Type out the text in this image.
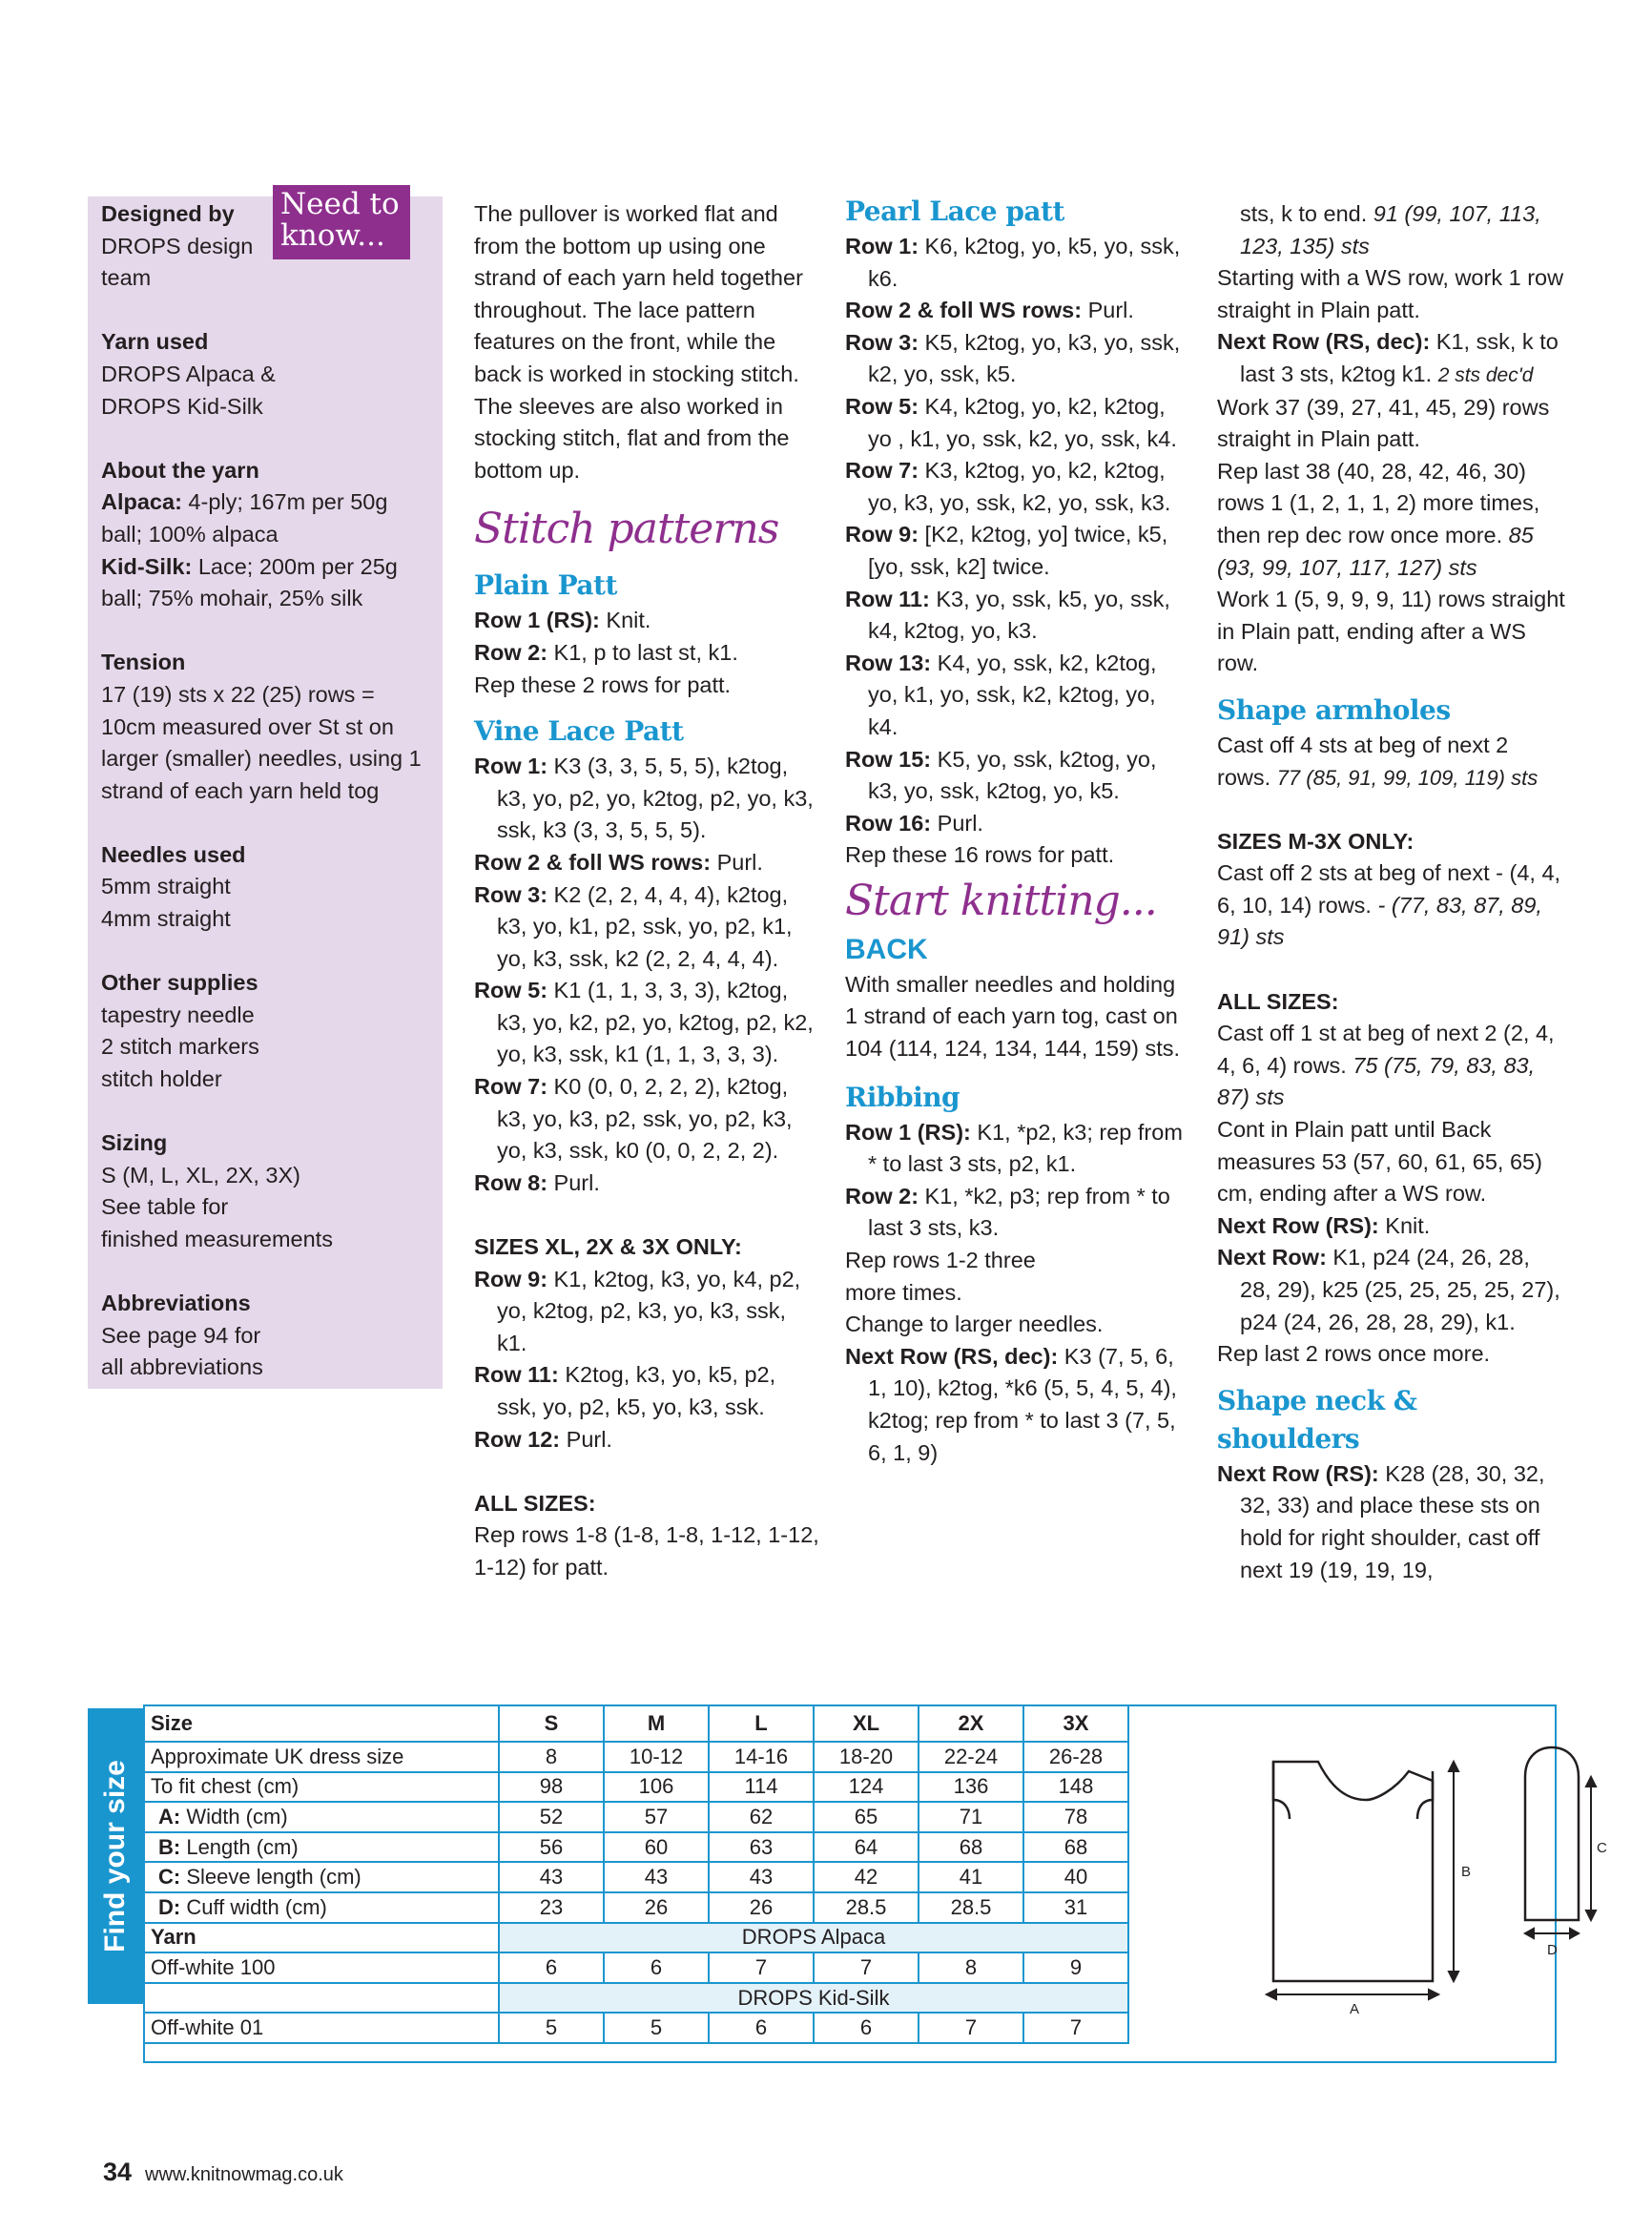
Need to know...

Designed by

DROPS design team

Yarn used

DROPS Alpaca &

DROPS Kid-Silk

About the yarn

Alpaca: 4-ply; 167m per 50g ball; 100% alpaca

Kid-Silk: Lace; 200m per 25g ball; 75% mohair, 25% silk

Tension

17 (19) sts x 22 (25) rows = 10cm measured over St st on larger (smaller) needles, using 1 strand of each yarn held tog

Needles used

5mm straight

4mm straight

Other supplies

tapestry needle

2 stitch markers

stitch holder

Sizing

S (M, L, XL, 2X, 3X)

See table for

finished measurements

Abbreviations

See page 94 for

all abbreviations

The pullover is worked flat and from the bottom up using one strand of each yarn held together throughout. The lace pattern features on the front, while the back is worked in stocking stitch. The sleeves are also worked in stocking stitch, flat and from the bottom up.

Stitch patterns

Plain Patt

Row 1 (RS): Knit.

Row 2: K1, p to last st, k1.

Rep these 2 rows for patt.

Vine Lace Patt

Row 1: K3 (3, 3, 5, 5, 5), k2tog, k3, yo, p2, yo, k2tog, p2, yo, k3, ssk, k3 (3, 3, 5, 5, 5).

Row 2 & foll WS rows: Purl.

Row 3: K2 (2, 2, 4, 4, 4), k2tog, k3, yo, k1, p2, ssk, yo, p2, k1, yo, k3, ssk, k2 (2, 2, 4, 4, 4).

Row 5: K1 (1, 1, 3, 3, 3), k2tog, k3, yo, k2, p2, yo, k2tog, p2, k2, yo, k3, ssk, k1 (1, 1, 3, 3, 3).

Row 7: K0 (0, 0, 2, 2, 2), k2tog, k3, yo, k3, p2, ssk, yo, p2, k3, yo, k3, ssk, k0 (0, 0, 2, 2, 2).

Row 8: Purl.

SIZES XL, 2X & 3X ONLY:

Row 9: K1, k2tog, k3, yo, k4, p2, yo, k2tog, p2, k3, yo, k3, ssk, k1.

Row 11: K2tog, k3, yo, k5, p2, ssk, yo, p2, k5, yo, k3, ssk.

Row 12: Purl.

ALL SIZES:

Rep rows 1-8 (1-8, 1-8, 1-12, 1-12, 1-12) for patt.

Pearl Lace patt

Row 1: K6, k2tog, yo, k5, yo, ssk, k6.

Row 2 & foll WS rows: Purl.

Row 3: K5, k2tog, yo, k3, yo, ssk, k2, yo, ssk, k5.

Row 5: K4, k2tog, yo, k2, k2tog, yo , k1, yo, ssk, k2, yo, ssk, k4.

Row 7: K3, k2tog, yo, k2, k2tog, yo, k3, yo, ssk, k2, yo, ssk, k3.

Row 9: [K2, k2tog, yo] twice, k5, [yo, ssk, k2] twice.

Row 11: K3, yo, ssk, k5, yo, ssk, k4, k2tog, yo, k3.

Row 13: K4, yo, ssk, k2, k2tog, yo, k1, yo, ssk, k2, k2tog, yo, k4.

Row 15: K5, yo, ssk, k2tog, yo, k3, yo, ssk, k2tog, yo, k5.

Row 16: Purl.

Rep these 16 rows for patt.

Start knitting...

BACK

With smaller needles and holding 1 strand of each yarn tog, cast on 104 (114, 124, 134, 144, 159) sts.

Ribbing

Row 1 (RS): K1, *p2, k3; rep from * to last 3 sts, p2, k1.

Row 2: K1, *k2, p3; rep from * to last 3 sts, k3.

Rep rows 1-2 three more times.

Change to larger needles.

Next Row (RS, dec): K3 (7, 5, 6, 1, 10), k2tog, *k6 (5, 5, 4, 5, 4), k2tog; rep from * to last 3 (7, 5, 6, 1, 9)

sts, k to end. 91 (99, 107, 113, 123, 135) sts

Starting with a WS row, work 1 row straight in Plain patt.

Next Row (RS, dec): K1, ssk, k to last 3 sts, k2tog k1. 2 sts dec'd

Work 37 (39, 27, 41, 45, 29) rows straight in Plain patt.

Rep last 38 (40, 28, 42, 46, 30) rows 1 (1, 2, 1, 1, 2) more times, then rep dec row once more. 85 (93, 99, 107, 117, 127) sts

Work 1 (5, 9, 9, 9, 11) rows straight in Plain patt, ending after a WS row.

Shape armholes

Cast off 4 sts at beg of next 2 rows. 77 (85, 91, 99, 109, 119) sts

SIZES M-3X ONLY:

Cast off 2 sts at beg of next - (4, 4, 6, 10, 14) rows. - (77, 83, 87, 89, 91) sts

ALL SIZES:

Cast off 1 st at beg of next 2 (2, 4, 4, 6, 4) rows. 75 (75, 79, 83, 83, 87) sts

Cont in Plain patt until Back measures 53 (57, 60, 61, 65, 65) cm, ending after a WS row.

Next Row (RS): Knit.

Next Row: K1, p24 (24, 26, 28, 28, 29), k25 (25, 25, 25, 25, 27), p24 (24, 26, 28, 28, 29), k1.

Rep last 2 rows once more.

Shape neck & shoulders

Next Row (RS): K28 (28, 30, 32, 32, 33) and place these sts on hold for right shoulder, cast off next 19 (19, 19, 19,

Find your size
Size	S	M	L	XL	2X	3X
Approximate UK dress size	8	10-12	14-16	18-20	22-24	26-28
To fit chest (cm)	98	106	114	124	136	148
A: Width (cm)	52	57	62	65	71	78
B: Length (cm)	56	60	63	64	68	68
C: Sleeve length (cm)	43	43	43	42	41	40
D: Cuff width (cm)	23	26	26	28.5	28.5	31
Yarn	DROPS Alpaca					
Off-white 100	6	6	7	7	8	9
	DROPS Kid-Silk					
Off-white 01	5	5	6	6	7	7
A
B
C
D
34 www.knitnowmag.co.uk
